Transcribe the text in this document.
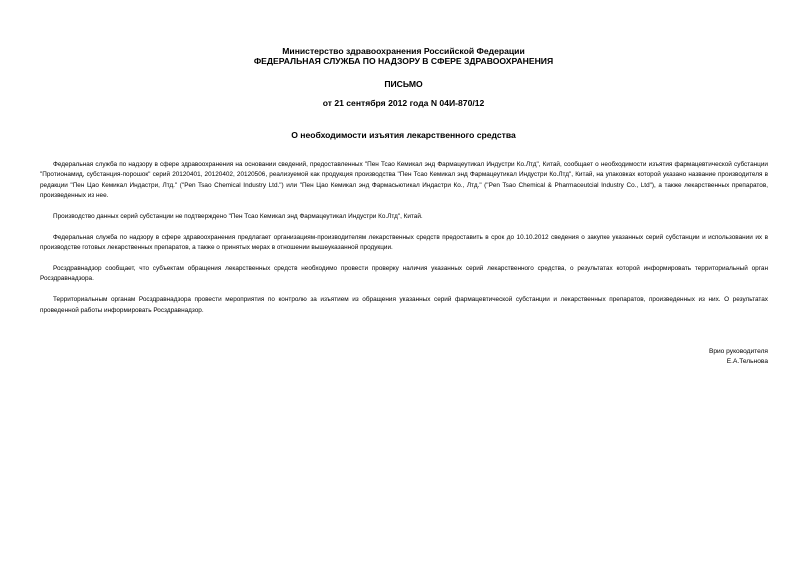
Министерство здравоохранения Российской Федерации
ФЕДЕРАЛЬНАЯ СЛУЖБА ПО НАДЗОРУ В СФЕРЕ ЗДРАВООХРАНЕНИЯ
ПИСЬМО
от 21 сентября 2012 года N 04И-870/12
О необходимости изъятия лекарственного средства

Федеральная служба по надзору в сфере здравоохранения на основании сведений, предоставленных "Пен Тсао Кемикал энд Фармацеутикал Индустри Ко.Лтд", Китай, сообщает о необходимости изъятия фармацевтической субстанции "Протионамид, субстанция-порошок" серий 20120401, 20120402, 20120506, реализуемой как продукция производства "Пен Тсао Кемикал энд Фармацеутикал Индустри Ко.Лтд", Китай, на упаковках которой указано название производителя в редакции "Пен Цао Кемикал Индастри, Лтд." ("Pen Tsao Chemical Industry Ltd.") или "Пен Цао Кемикал энд Фармасьютикал Индастри Ко., Лтд." ("Pen Tsao Chemical & Pharmaceutcial Industry Co., Ltd"), а также лекарственных препаратов, произведенных из нее.

Производство данных серий субстанции не подтверждено "Пен Тсао Кемикал энд Фармацеутикал Индустри Ко.Лтд", Китай.

Федеральная служба по надзору в сфере здравоохранения предлагает организациям-производителям лекарственных средств предоставить в срок до 10.10.2012 сведения о закупке указанных серий субстанции и использовании их в производстве готовых лекарственных препаратов, а также о принятых мерах в отношении вышеуказанной продукции.

Росздравнадзор сообщает, что субъектам обращения лекарственных средств необходимо провести проверку наличия указанных серий лекарственного средства, о результатах которой информировать территориальный орган Росздравнадзора.

Территориальным органам Росздравнадзора провести мероприятия по контролю за изъятием из обращения указанных серий фармацевтической субстанции и лекарственных препаратов, произведенных из них. О результатах проведенной работы информировать Росздравнадзор.

Врио руководителя
Е.А.Тельнова
